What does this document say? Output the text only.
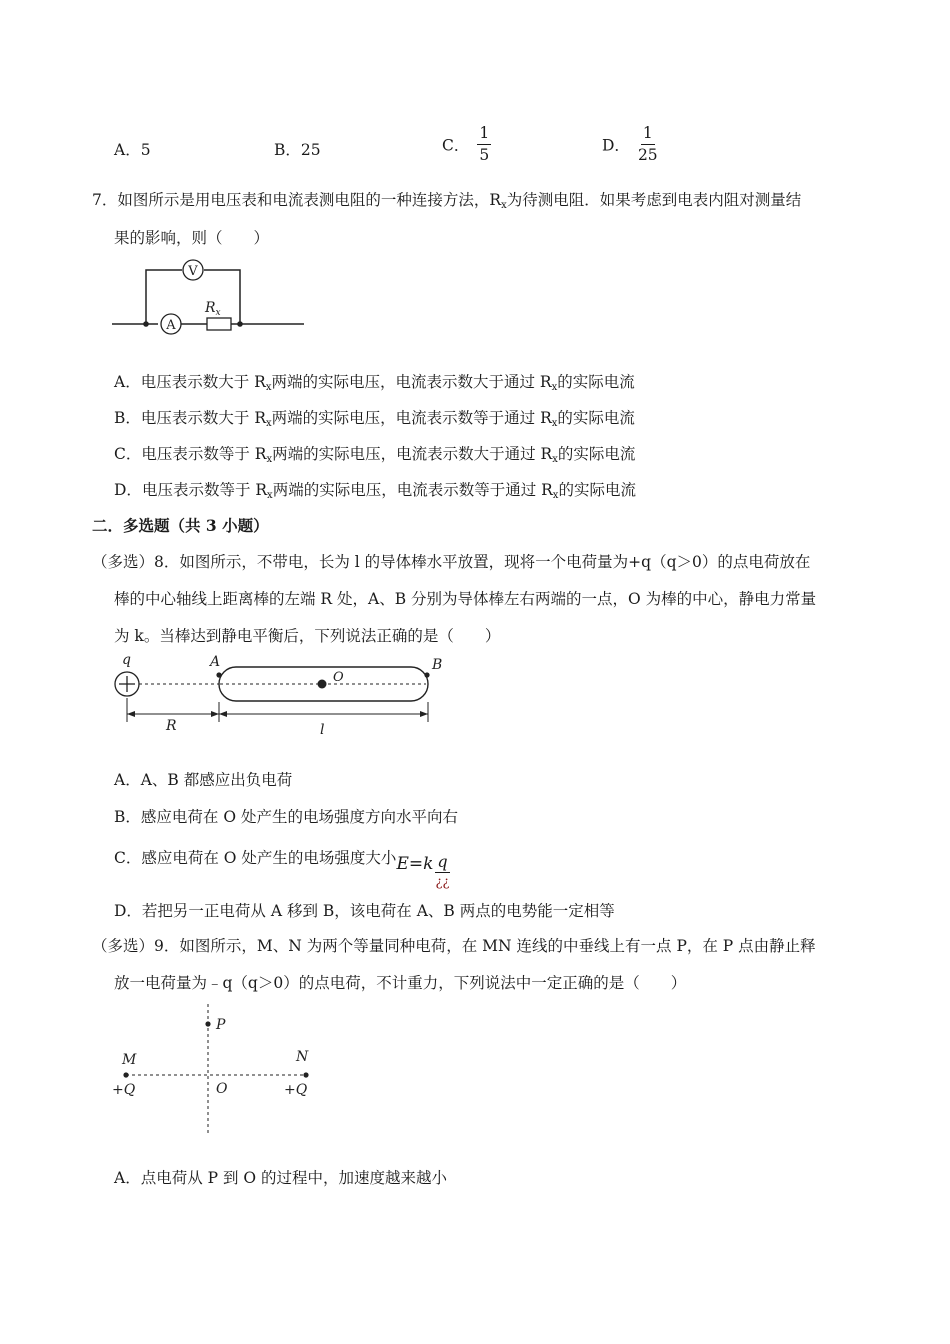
A．5	B．25	C． $\frac{1}{5}$	D． $\frac{1}{25}$
7．如图所示是用电压表和电流表测电阻的一种连接方法，$R_x$为待测电阻．如果考虑到电表内阻对测量结
果的影响，则（　　）
A
$R_x$
V
A．电压表示数大于 $R_x$两端的实际电压，电流表示数大于通过 $R_x$的实际电流
B．电压表示数大于 $R_x$两端的实际电压，电流表示数等于通过 $R_x$的实际电流
C．电压表示数等于 $R_x$两端的实际电压，电流表示数大于通过 $R_x$的实际电流
D．电压表示数等于 $R_x$两端的实际电压，电流表示数等于通过 $R_x$的实际电流
二．多选题（共 3 小题）
（多选）8．如图所示，不带电，长为 l 的导体棒水平放置，现将一个电荷量为+q（q＞0）的点电荷放在
棒的中心轴线上距离棒的左端 R 处，A、B 分别为导体棒左右两端的一点，O 为棒的中心，静电力常量
为 k。当棒达到静电平衡后，下列说法正确的是（　　）
q	A	B
O
R	l
A．A、B 都感应出负电荷
B．感应电荷在 O 处产生的电场强度方向水平向右
C．感应电荷在 O 处产生的电场强度大小$E=k \frac{q}{¿¿}$
D．若把另一正电荷从 A 移到 B，该电荷在 A、B 两点的电势能一定相等
（多选）9．如图所示，M、N 为两个等量同种电荷，在 MN 连线的中垂线上有一点 P，在 P 点由静止释
放一电荷量为﹣q（q＞0）的点电荷，不计重力，下列说法中一定正确的是（　　）
P
M	N
O
+Q	+Q
A．点电荷从 P 到 O 的过程中，加速度越来越小
